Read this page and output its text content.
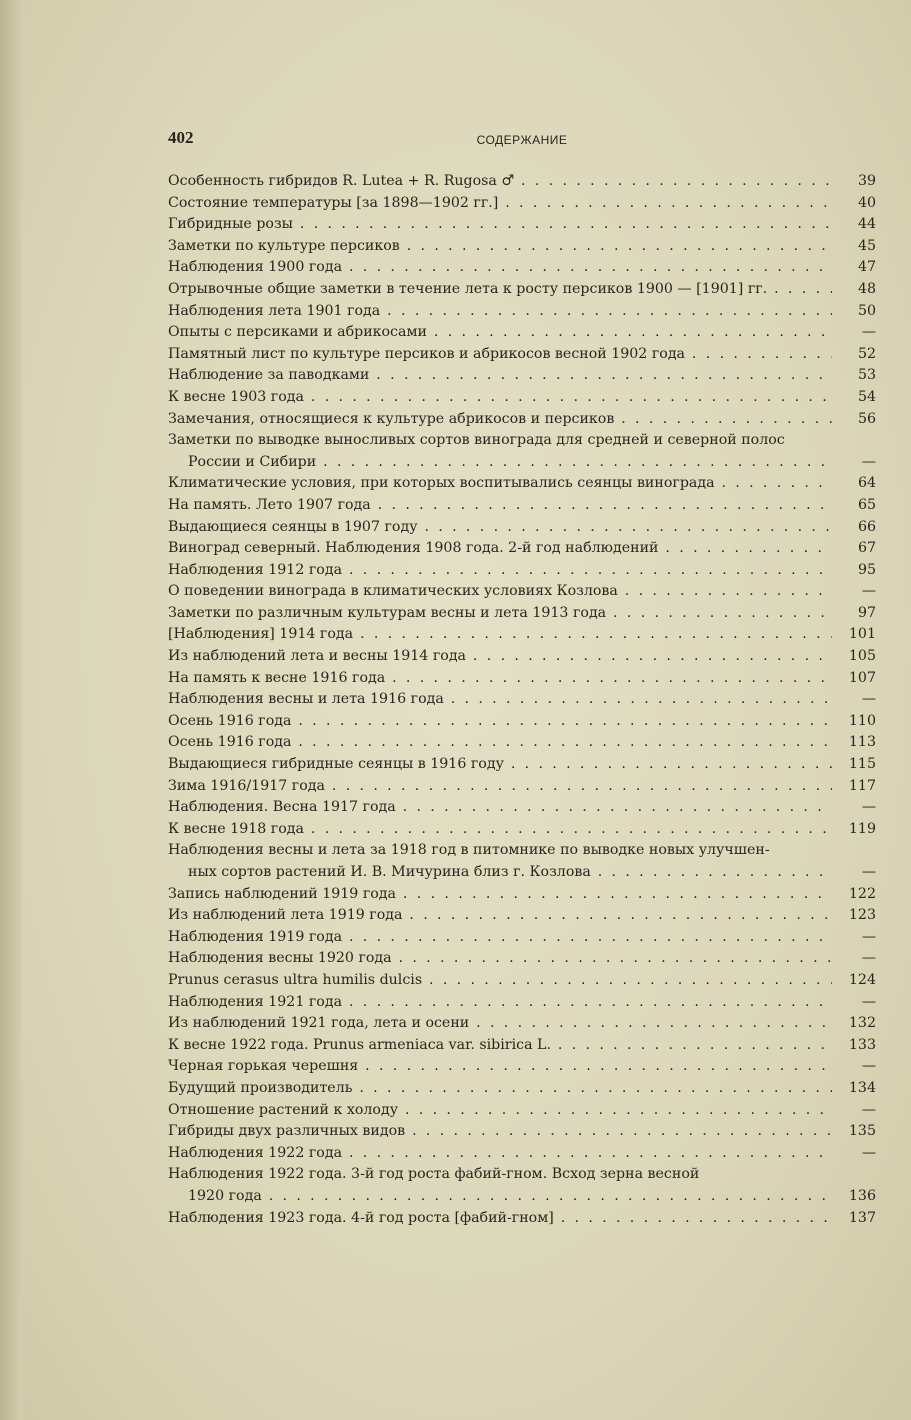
402	СОДЕРЖАНИЕ
Особенность гибридов R. Lutea + R. Rugosa ♂ . . .	39
Состояние температуры [за 1898—1902 гг.] . . .	40
Гибридные розы . . .	44
Заметки по культуре персиков . . .	45
Наблюдения 1900 года . . .	47
Отрывочные общие заметки в течение лета к росту персиков 1900 — [1901] гг. . . .	48
Наблюдения лета 1901 года . . .	50
Опыты с персиками и абрикосами . . .	—
Памятный лист по культуре персиков и абрикосов весной 1902 года . . .	52
Наблюдение за паводками . . .	53
К весне 1903 года . . .	54
Замечания, относящиеся к культуре абрикосов и персиков . . .	56
Заметки по выводке выносливых сортов винограда для средней и северной полос
России и Сибири . . .	—
Климатические условия, при которых воспитывались сеянцы винограда . . .	64
На память. Лето 1907 года . . .	65
Выдающиеся сеянцы в 1907 году . . .	66
Виноград северный. Наблюдения 1908 года. 2-й год наблюдений . . .	67
Наблюдения 1912 года . . .	95
О поведении винограда в климатических условиях Козлова . . .	—
Заметки по различным культурам весны и лета 1913 года . . .	97
[Наблюдения] 1914 года . . .	101
Из наблюдений лета и весны 1914 года . . .	105
На память к весне 1916 года . . .	107
Наблюдения весны и лета 1916 года . . .	—
Осень 1916 года . . .	110
Осень 1916 года . . .	113
Выдающиеся гибридные сеянцы в 1916 году . . .	115
Зима 1916/1917 года . . .	117
Наблюдения. Весна 1917 года . . .	—
К весне 1918 года . . .	119
Наблюдения весны и лета за 1918 год в питомнике по выводке новых улучшен-
ных сортов растений И. В. Мичурина близ г. Козлова . . .	—
Запись наблюдений 1919 года . . .	122
Из наблюдений лета 1919 года . . .	123
Наблюдения 1919 года . . .	—
Наблюдения весны 1920 года . . .	—
Prunus cerasus ultra humilis dulcis . . .	124
Наблюдения 1921 года . . .	—
Из наблюдений 1921 года, лета и осени . . .	132
К весне 1922 года. Prunus armeniaca var. sibirica L. . . .	133
Черная горькая черешня . . .	—
Будущий производитель . . .	134
Отношение растений к холоду . . .	—
Гибриды двух различных видов . . .	135
Наблюдения 1922 года . . .	—
Наблюдения 1922 года. 3-й год роста фабий-гном. Всход зерна весной
1920 года . . .	136
Наблюдения 1923 года. 4-й год роста [фабий-гном] . . .	137
